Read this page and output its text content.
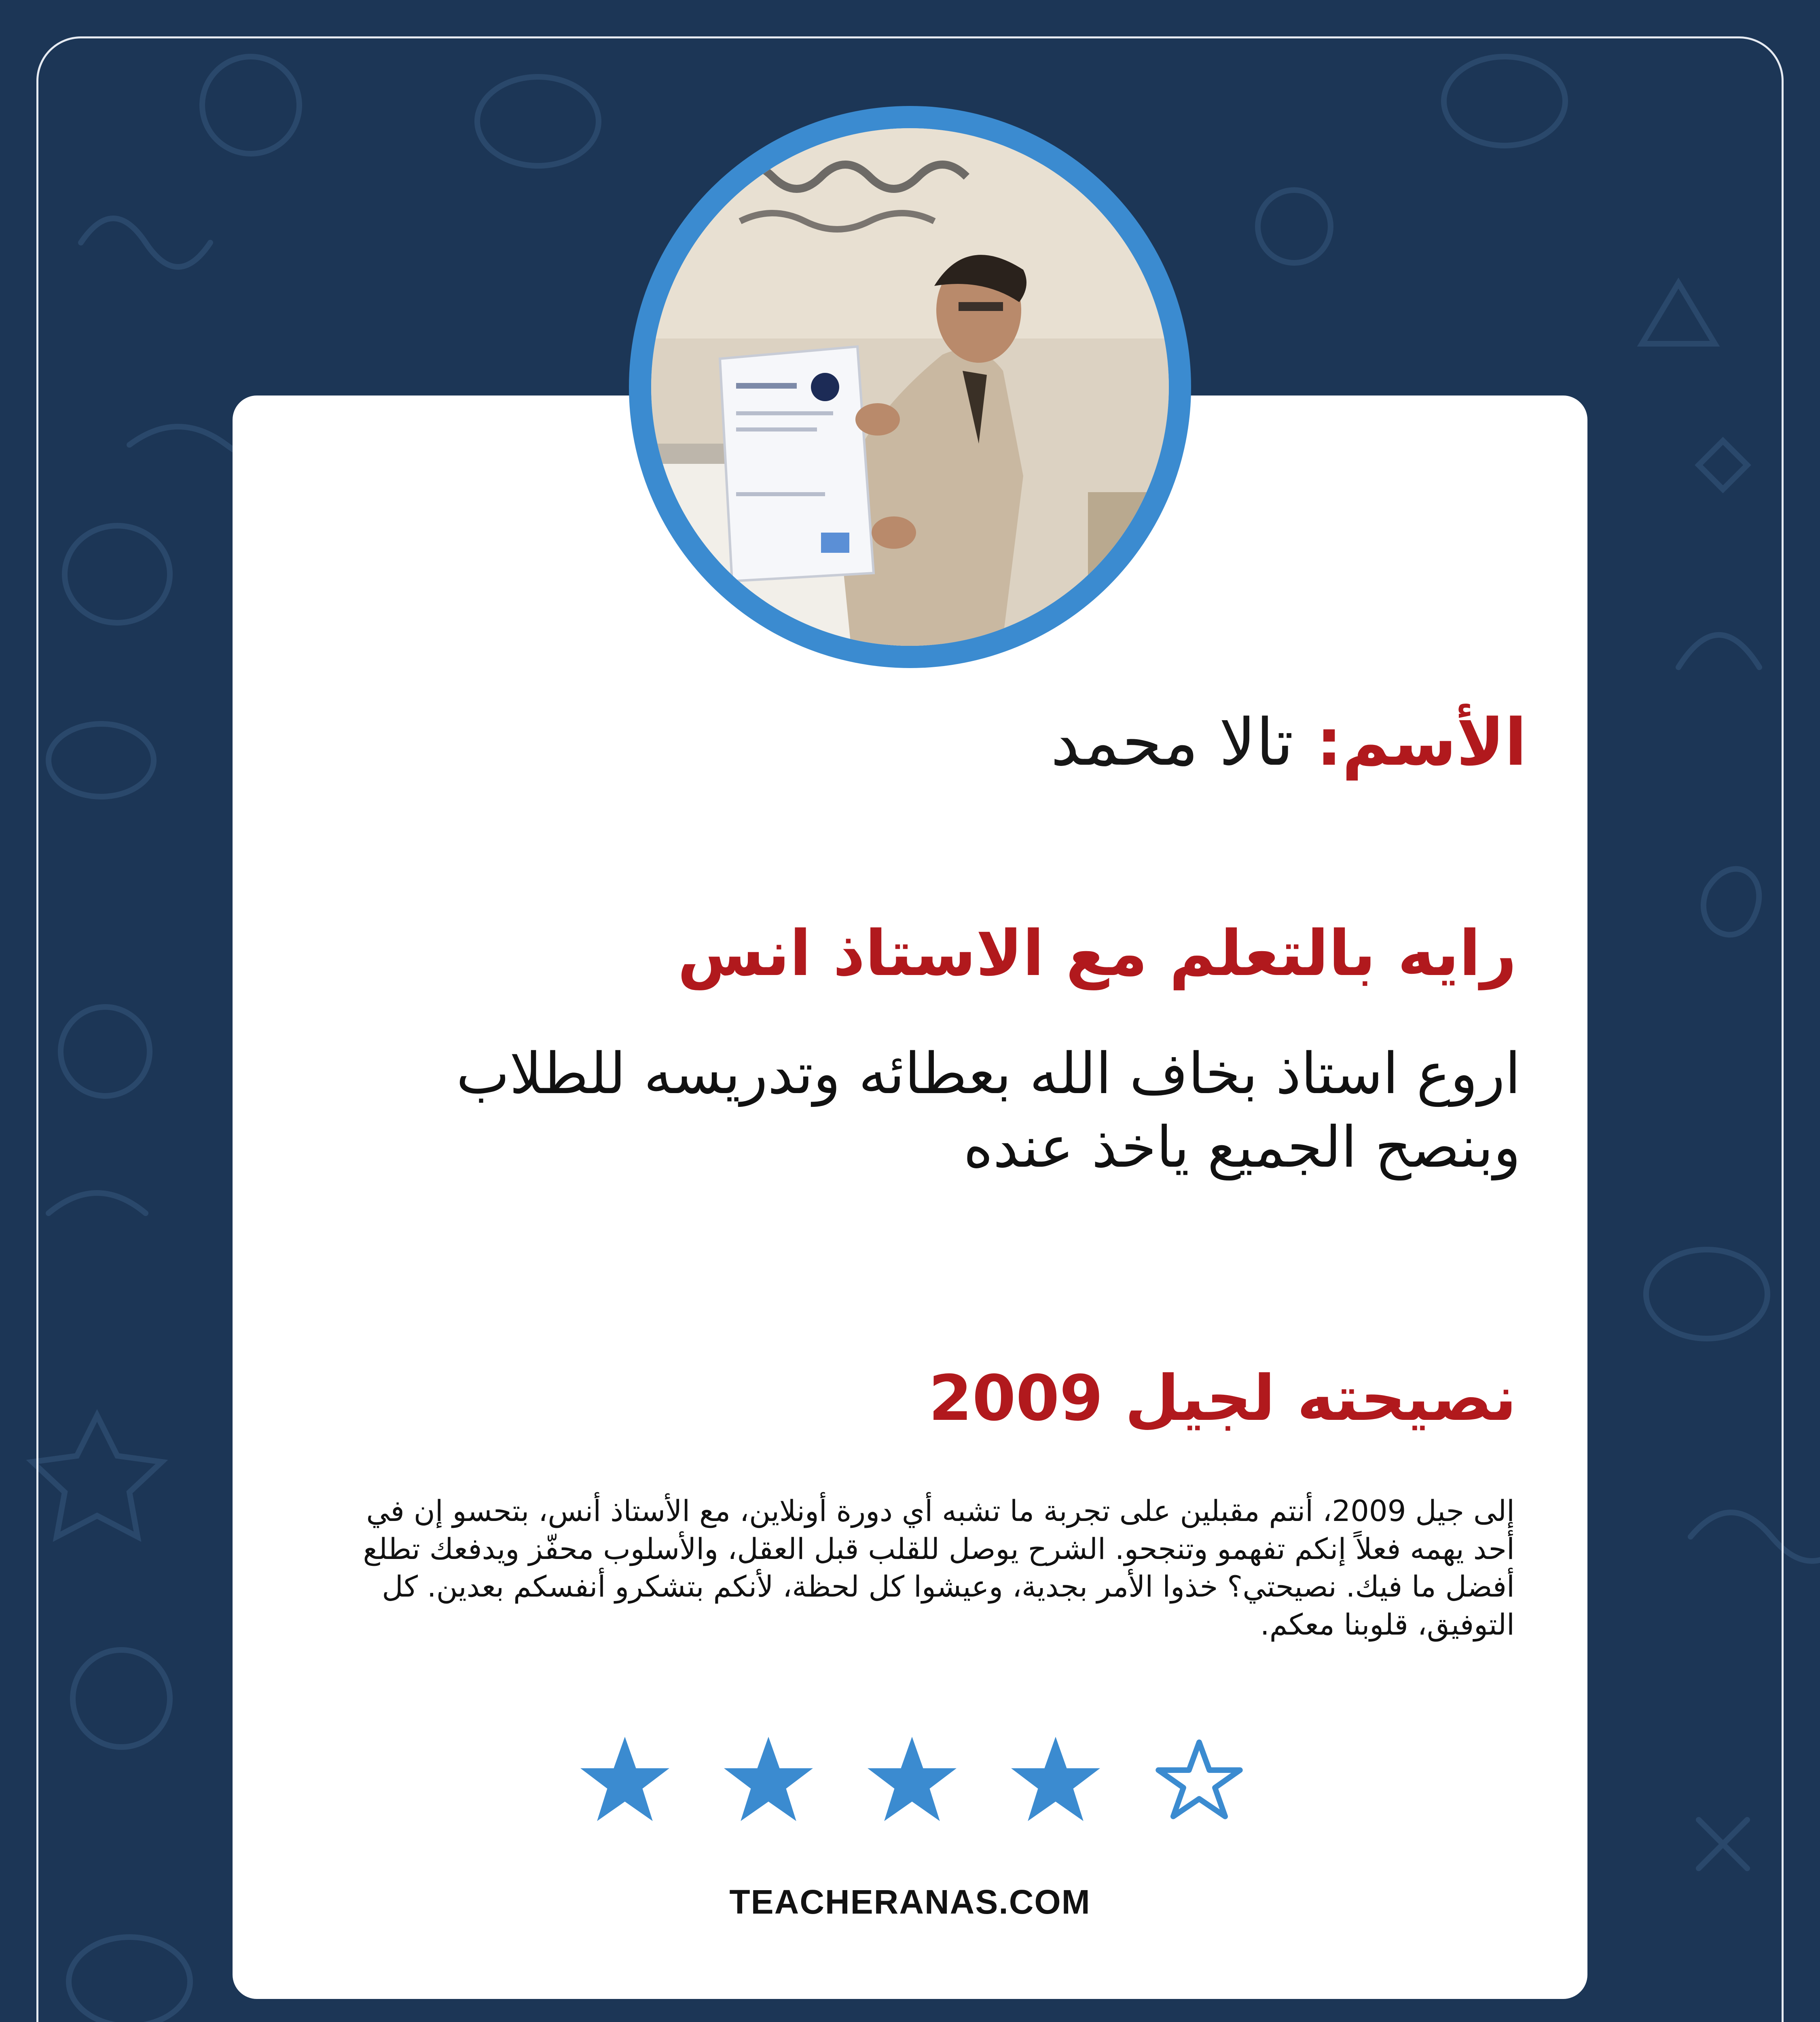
الأسم: تالا محمد
رايه بالتعلم مع الاستاذ انس
اروع استاذ بخاف الله بعطائه وتدريسه للطلاب وبنصح الجميع ياخذ عنده
نصيحته لجيل 2009
إلى جيل 2009، أنتم مقبلين على تجربة ما تشبه أي دورة أونلاين، مع الأستاذ أنس، بتحسو إن في أحد يهمه فعلاً إنكم تفهمو وتنجحو. الشرح يوصل للقلب قبل العقل، والأسلوب محفّز ويدفعك تطلع أفضل ما فيك. نصيحتي؟ خذوا الأمر بجدية، وعيشوا كل لحظة، لأنكم بتشكرو أنفسكم بعدين. كل التوفيق، قلوبنا معكم.
TEACHERANAS.COM
